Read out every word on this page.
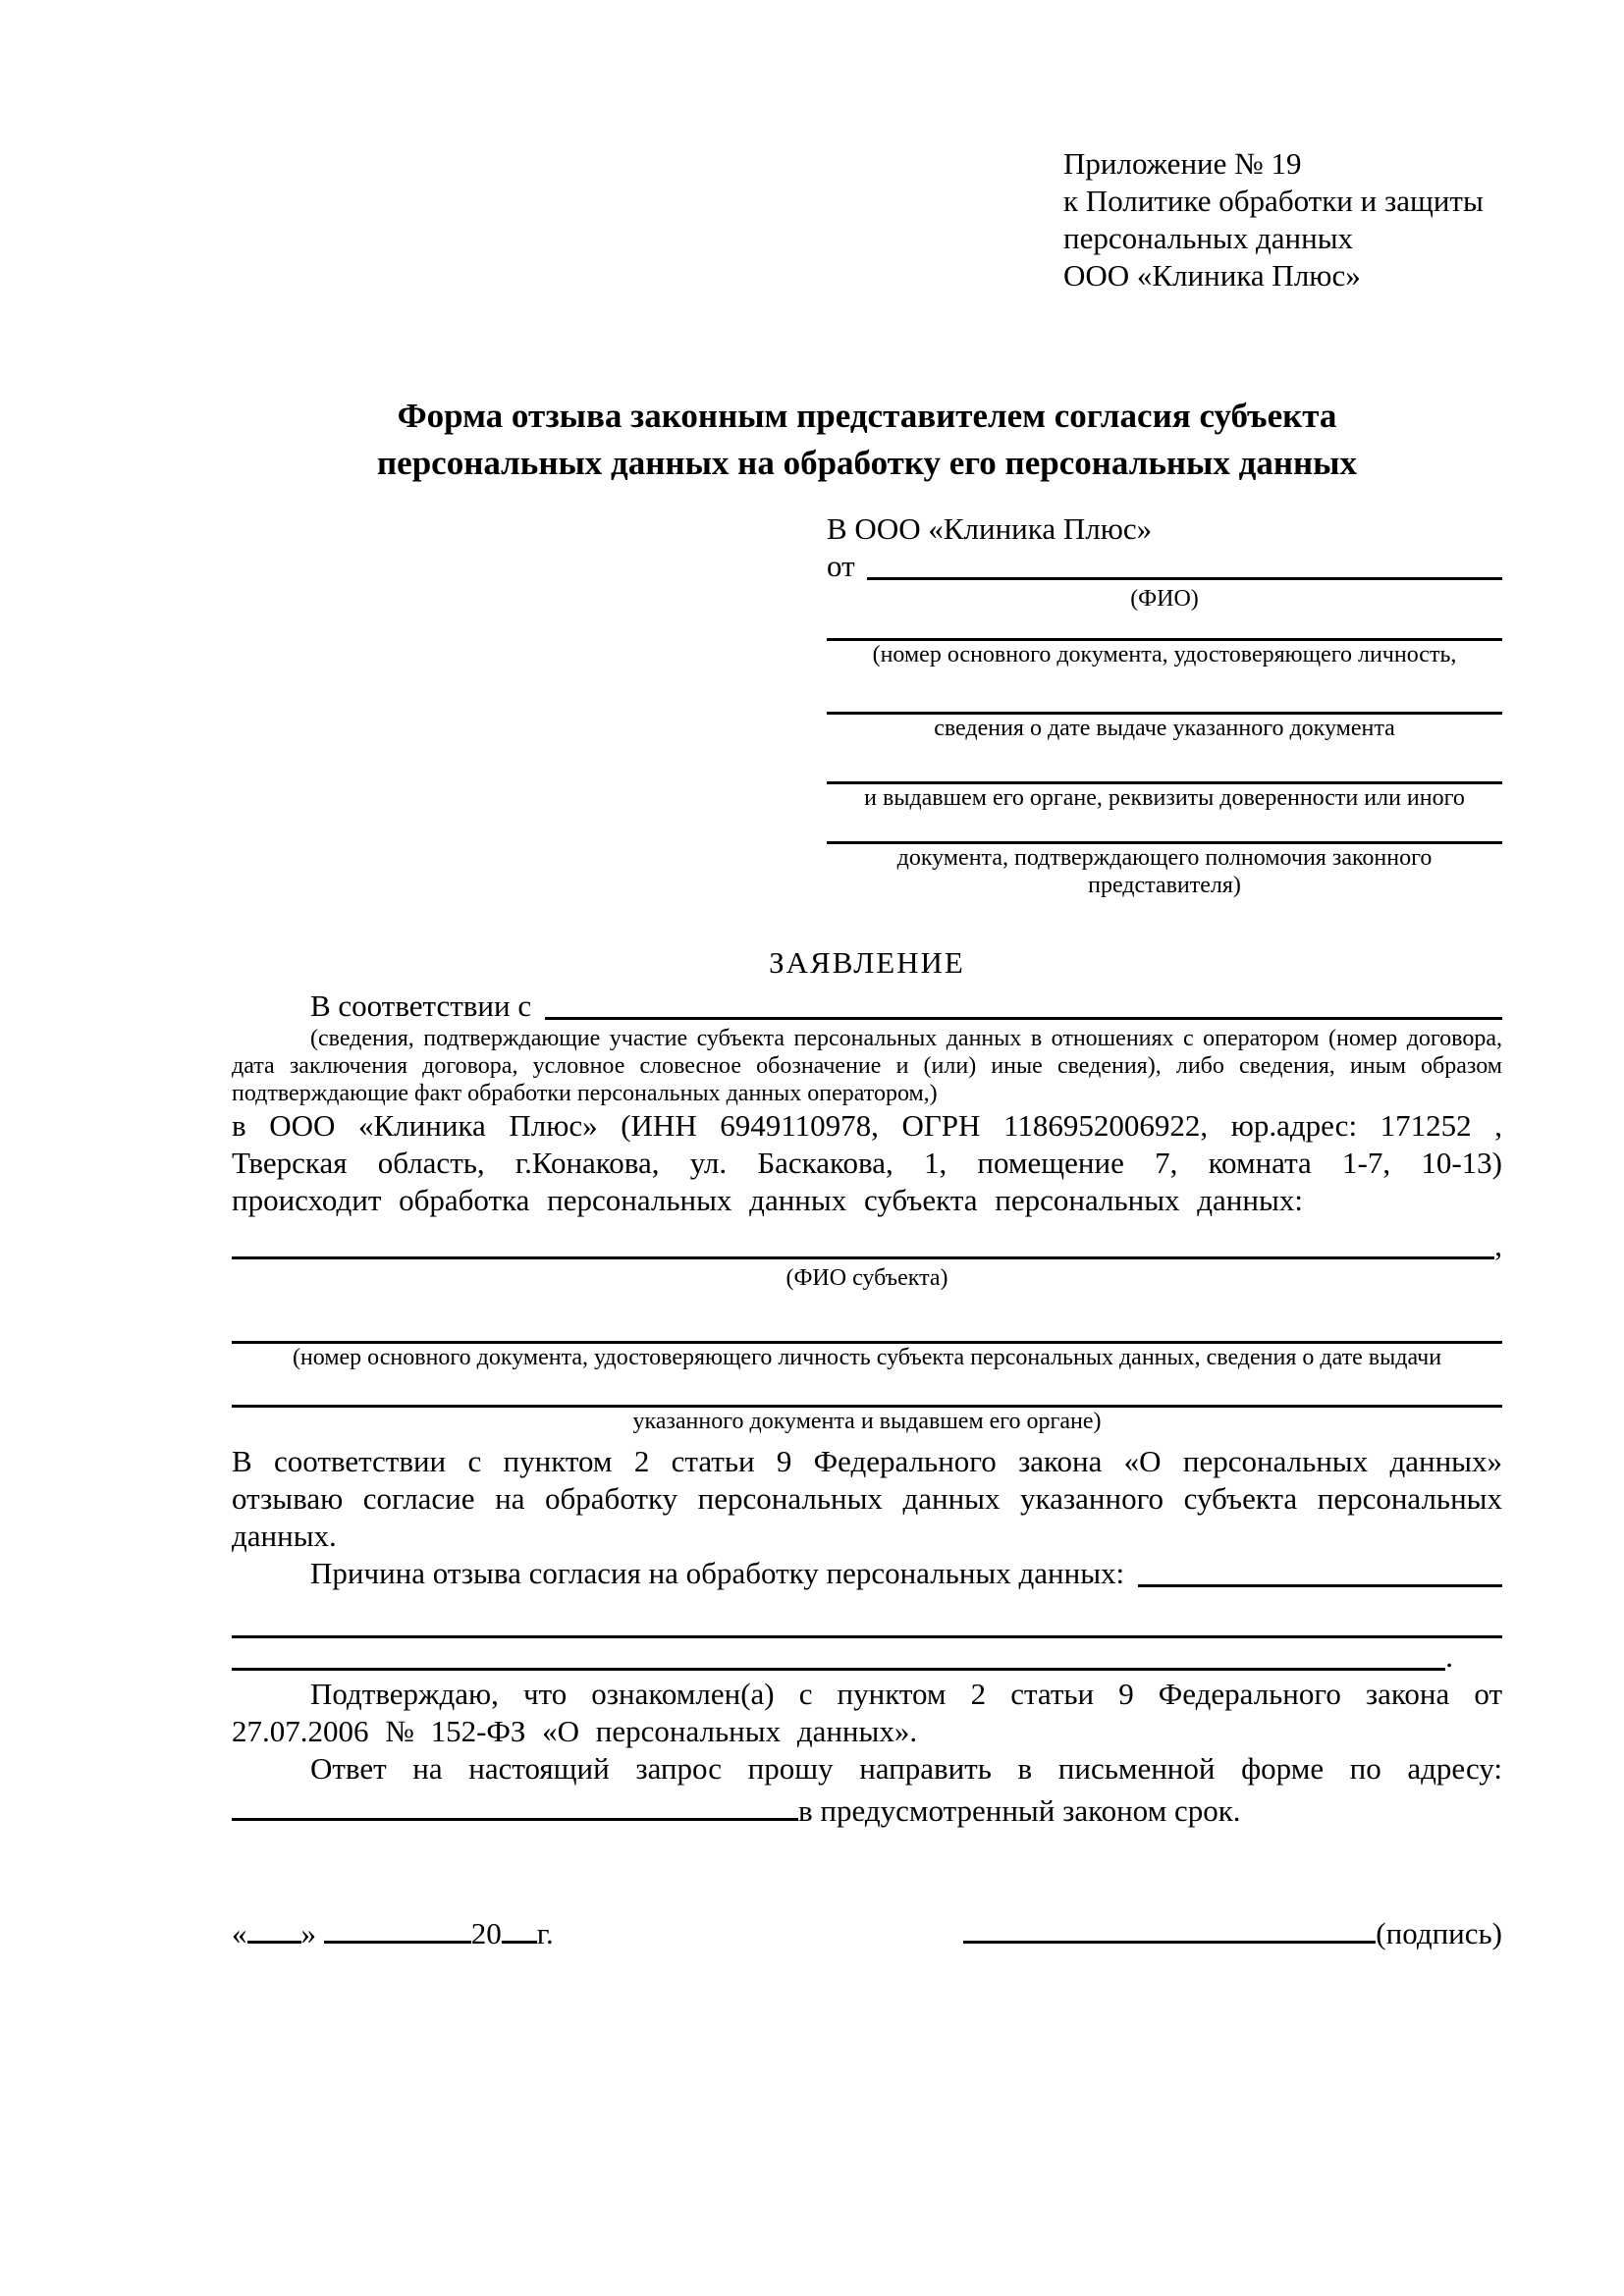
Приложение № 19
к Политике обработки и защиты
персональных данных
ООО «Клиника Плюс»
Форма отзыва законным представителем согласия субъекта персональных данных на обработку его персональных данных
В ООО «Клиника Плюс»
от
(ФИО)
(номер основного документа, удостоверяющего личность,
сведения о дате выдаче указанного документа
и выдавшем его органе, реквизиты доверенности или иного
документа, подтверждающего полномочия законного представителя)
ЗАЯВЛЕНИЕ
В соответствии с
(сведения, подтверждающие участие субъекта персональных данных в отношениях с оператором (номер договора, дата заключения договора, условное словесное обозначение и (или) иные сведения), либо сведения, иным образом подтверждающие факт обработки персональных данных оператором,)
в ООО «Клиника Плюс» (ИНН 6949110978, ОГРН 1186952006922, юр.адрес: 171252 , Тверская область, г.Конакова, ул. Баскакова, 1, помещение 7, комната 1-7, 10-13) происходит обработка персональных данных субъекта персональных данных:
,
(ФИО субъекта)
(номер основного документа, удостоверяющего личность субъекта персональных данных, сведения о дате выдачи
указанного документа и выдавшем его органе)
В соответствии с пунктом 2 статьи 9 Федерального закона «О персональных данных» отзываю согласие на обработку персональных данных указанного субъекта персональных данных.
Причина отзыва согласия на обработку персональных данных:
.
Подтверждаю, что ознакомлен(а) с пунктом 2 статьи 9 Федерального закона от 27.07.2006 № 152-ФЗ «О персональных данных».
Ответ на настоящий запрос прошу направить в письменной форме по адресу:
в предусмотренный законом срок.
« »	20 г.	(подпись)
